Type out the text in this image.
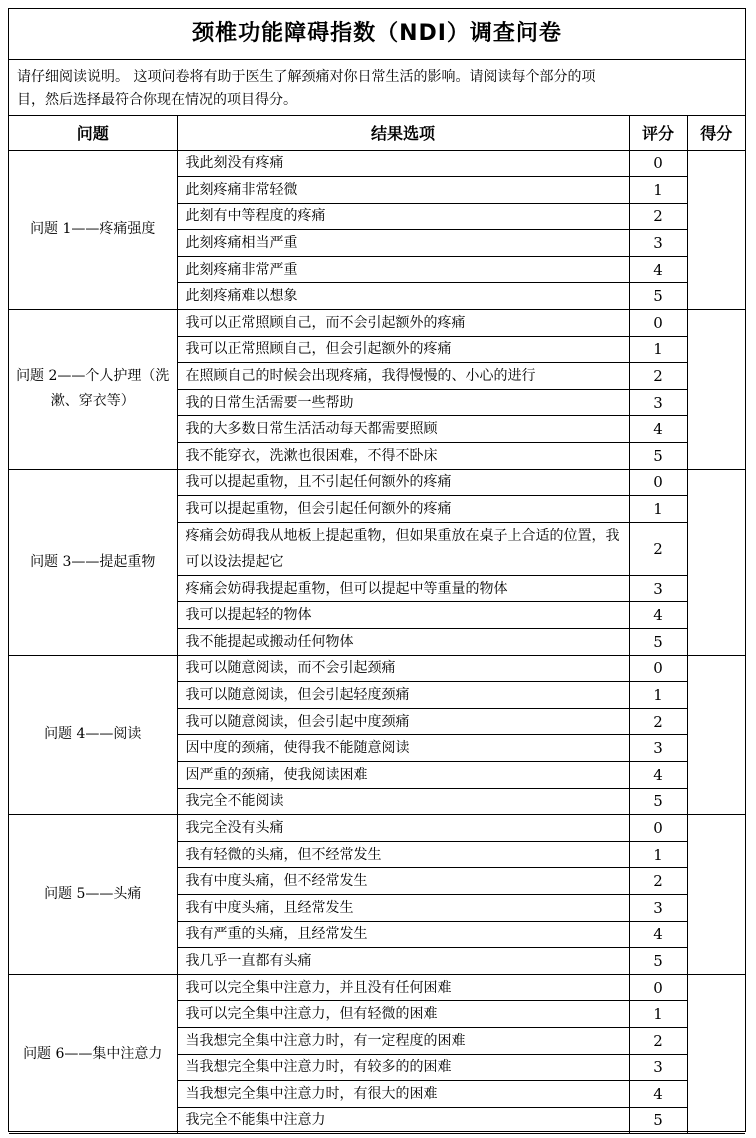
颈椎功能障碍指数（NDI）调查问卷
请仔细阅读说明。 这项问卷将有助于医生了解颈痛对你日常生活的影响。请阅读每个部分的项
目，然后选择最符合你现在情况的项目得分。
问题	结果选项	评分	得分
问题 1——疼痛强度	我此刻没有疼痛	0	
	此刻疼痛非常轻微	1	
	此刻有中等程度的疼痛	2	
	此刻疼痛相当严重	3	
	此刻疼痛非常严重	4	
	此刻疼痛难以想象	5	
问题 2——个人护理（洗漱、穿衣等）	我可以正常照顾自己，而不会引起额外的疼痛	0	
	我可以正常照顾自己，但会引起额外的疼痛	1	
	在照顾自己的时候会出现疼痛，我得慢慢的、小心的进行	2	
	我的日常生活需要一些帮助	3	
	我的大多数日常生活活动每天都需要照顾	4	
	我不能穿衣，洗漱也很困难，不得不卧床	5	
问题 3——提起重物	我可以提起重物，且不引起任何额外的疼痛	0	
	我可以提起重物，但会引起任何额外的疼痛	1	
	疼痛会妨碍我从地板上提起重物，但如果重放在桌子上合适的位置，我可以设法提起它	2	
	疼痛会妨碍我提起重物，但可以提起中等重量的物体	3	
	我可以提起轻的物体	4	
	我不能提起或搬动任何物体	5	
问题 4——阅读	我可以随意阅读，而不会引起颈痛	0	
	我可以随意阅读，但会引起轻度颈痛	1	
	我可以随意阅读，但会引起中度颈痛	2	
	因中度的颈痛，使得我不能随意阅读	3	
	因严重的颈痛，使我阅读困难	4	
	我完全不能阅读	5	
问题 5——头痛	我完全没有头痛	0	
	我有轻微的头痛，但不经常发生	1	
	我有中度头痛，但不经常发生	2	
	我有中度头痛，且经常发生	3	
	我有严重的头痛，且经常发生	4	
	我几乎一直都有头痛	5	
问题 6——集中注意力	我可以完全集中注意力，并且没有任何困难	0	
	我可以完全集中注意力，但有轻微的困难	1	
	当我想完全集中注意力时，有一定程度的困难	2	
	当我想完全集中注意力时，有较多的的困难	3	
	当我想完全集中注意力时，有很大的困难	4	
	我完全不能集中注意力	5	
